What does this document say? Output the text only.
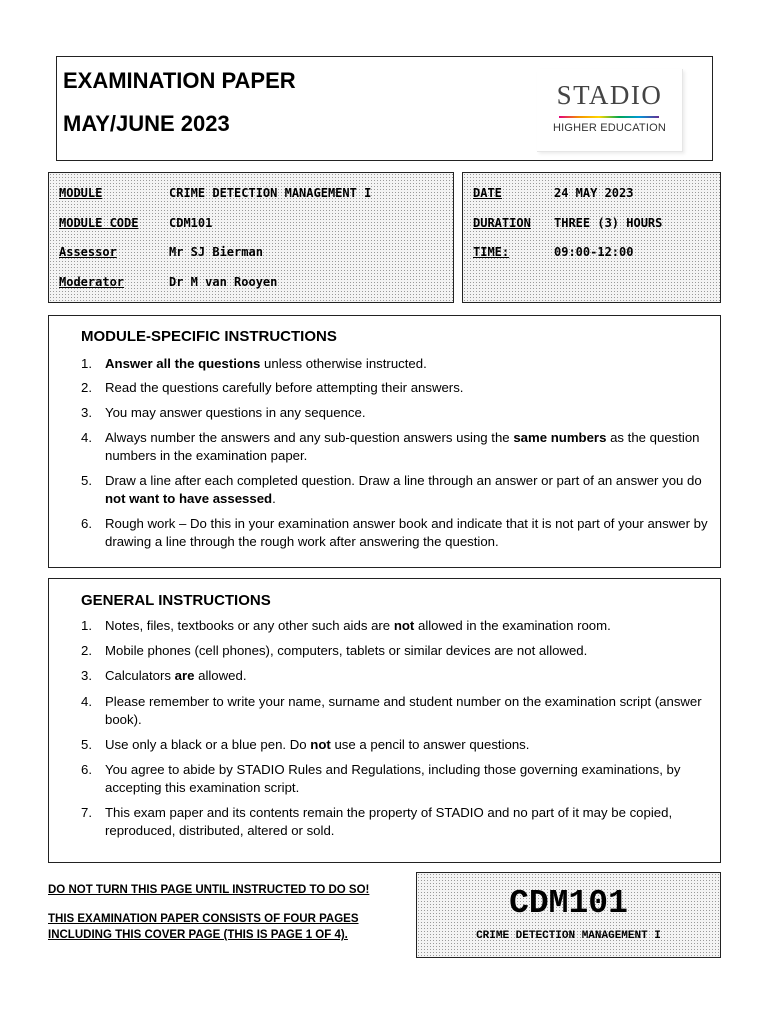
EXAMINATION PAPER
MAY/JUNE 2023
STADIO
HIGHER EDUCATION
MODULE	CRIME DETECTION MANAGEMENT I
MODULE CODE	CDM101
Assessor	Mr SJ Bierman
Moderator	Dr M van Rooyen
DATE	24 MAY 2023
DURATION THREE (3) HOURS
TIME:	09:00-12:00
MODULE-SPECIFIC INSTRUCTIONS
1. Answer all the questions unless otherwise instructed.
2. Read the questions carefully before attempting their answers.
3. You may answer questions in any sequence.
4. Always number the answers and any sub-question answers using the same numbers as the question numbers in the examination paper.
5. Draw a line after each completed question. Draw a line through an answer or part of an answer you do not want to have assessed.
6. Rough work – Do this in your examination answer book and indicate that it is not part of your answer by drawing a line through the rough work after answering the question.
GENERAL INSTRUCTIONS
1. Notes, files, textbooks or any other such aids are not allowed in the examination room.
2. Mobile phones (cell phones), computers, tablets or similar devices are not allowed.
3. Calculators are allowed.
4. Please remember to write your name, surname and student number on the examination script (answer book).
5. Use only a black or a blue pen. Do not use a pencil to answer questions.
6. You agree to abide by STADIO Rules and Regulations, including those governing examinations, by accepting this examination script.
7. This exam paper and its contents remain the property of STADIO and no part of it may be copied, reproduced, distributed, altered or sold.
DO NOT TURN THIS PAGE UNTIL INSTRUCTED TO DO SO!
THIS EXAMINATION PAPER CONSISTS OF FOUR PAGES
INCLUDING THIS COVER PAGE (THIS IS PAGE 1 OF 4).
CDM101
CRIME DETECTION MANAGEMENT I
